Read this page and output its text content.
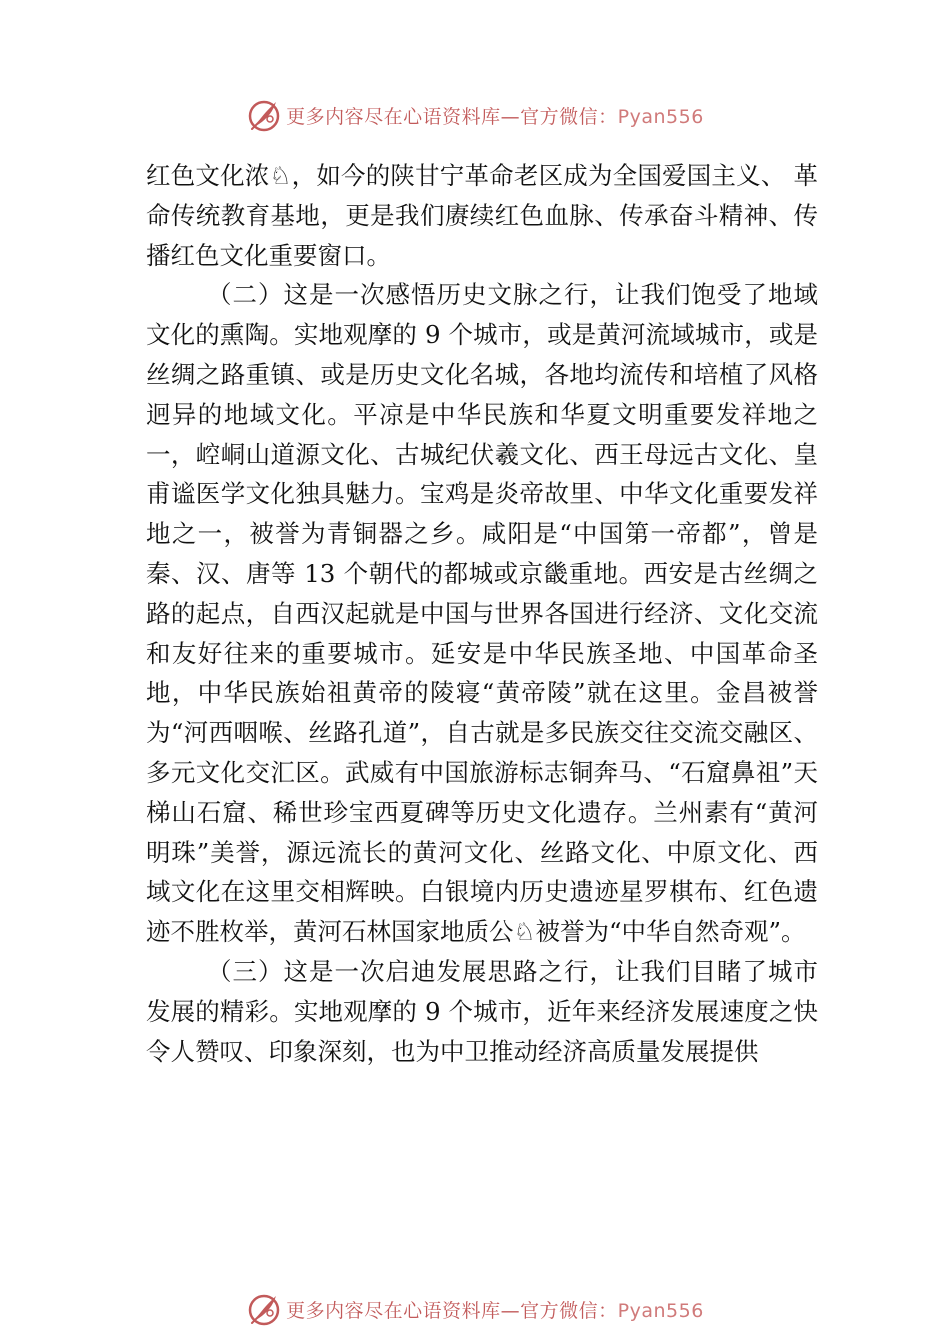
更多内容尽在心语资料库—官方微信：Pyan556

红色文化浓♘，如今的陕甘宁革命老区成为全国爱国主义、 革命传统教育基地，更是我们赓续红色血脉、传承奋斗精神、传播红色文化重要窗口。

（二）这是一次感悟历史文脉之行，让我们饱受了地域文化的熏陶。实地观摩的 9 个城市，或是黄河流域城市，或是丝绸之路重镇、或是历史文化名城，各地均流传和培植了风格迥异的地域文化。平凉是中华民族和华夏文明重要发祥地之一，崆峒山道源文化、古城纪伏羲文化、西王母远古文化、皇甫谧医学文化独具魅力。宝鸡是炎帝故里、中华文化重要发祥地之一，被誉为青铜器之乡。咸阳是“中国第一帝都”，曾是秦、汉、唐等 13 个朝代的都城或京畿重地。西安是古丝绸之路的起点，自西汉起就是中国与世界各国进行经济、文化交流和友好往来的重要城市。延安是中华民族圣地、中国革命圣地，中华民族始祖黄帝的陵寝“黄帝陵”就在这里。金昌被誉为“河西咽喉、丝路孔道”，自古就是多民族交往交流交融区、多元文化交汇区。武威有中国旅游标志铜奔马、“石窟鼻祖”天梯山石窟、稀世珍宝西夏碑等历史文化遗存。兰州素有“黄河明珠”美誉，源远流长的黄河文化、丝路文化、中原文化、西域文化在这里交相辉映。白银境内历史遗迹星罗棋布、红色遗迹不胜枚举，黄河石林国家地质公♘被誉为“中华自然奇观”。

（三）这是一次启迪发展思路之行，让我们目睹了城市发展的精彩。实地观摩的 9 个城市，近年来经济发展速度之快令人赞叹、印象深刻，也为中卫推动经济高质量发展提供

更多内容尽在心语资料库—官方微信：Pyan556
